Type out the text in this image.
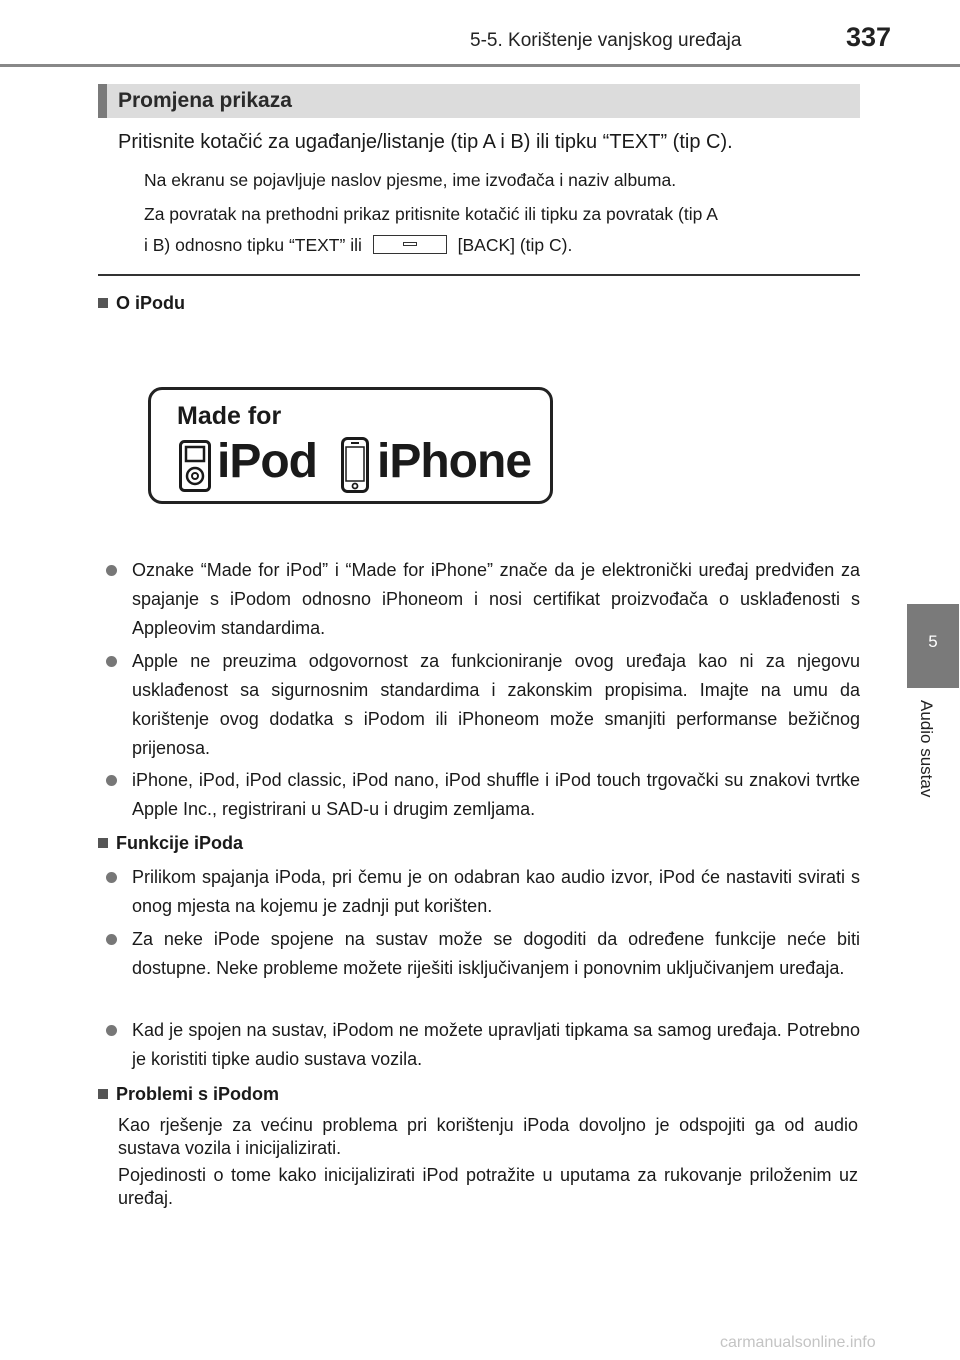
5-5. Korištenje vanjskog uređaja	337
Promjena prikaza
Pritisnite kotačić za ugađanje/listanje (tip A i B) ili tipku “TEXT” (tip C).
Na ekranu se pojavljuje naslov pjesme, ime izvođača i naziv albuma.
Za povratak na prethodni prikaz pritisnite kotačić ili tipku za povratak (tip A
i B) odnosno tipku “TEXT” ili	[BACK] (tip C).
O iPodu
Made for
iPod iPhone
Oznake “Made for iPod” i “Made for iPhone” znače da je elektronički uređaj predviđen za spajanje s iPodom odnosno iPhoneom i nosi certifikat proizvođača o usklađenosti s Appleovim standardima.
Apple ne preuzima odgovornost za funkcioniranje ovog uređaja kao ni za njegovu usklađenost sa sigurnosnim standardima i zakonskim propisima. Imajte na umu da korištenje ovog dodatka s iPodom ili iPhoneom može smanjiti performanse bežičnog prijenosa.
iPhone, iPod, iPod classic, iPod nano, iPod shuffle i iPod touch trgovački su znakovi tvrtke Apple Inc., registrirani u SAD-u i drugim zemljama.
Funkcije iPoda
Prilikom spajanja iPoda, pri čemu je on odabran kao audio izvor, iPod će nastaviti svirati s onog mjesta na kojemu je zadnji put korišten.
Za neke iPode spojene na sustav može se dogoditi da određene funkcije neće biti dostupne. Neke probleme možete riješiti isključivanjem i ponovnim uključivanjem uređaja.
Kad je spojen na sustav, iPodom ne možete upravljati tipkama sa samog uređaja. Potrebno je koristiti tipke audio sustava vozila.
Problemi s iPodom
Kao rješenje za većinu problema pri korištenju iPoda dovoljno je odspojiti ga od audio sustava vozila i inicijalizirati.
Pojedinosti o tome kako inicijalizirati iPod potražite u uputama za rukovanje priloženim uz uređaj.
5
Audio sustav
carmanualsonline.info
